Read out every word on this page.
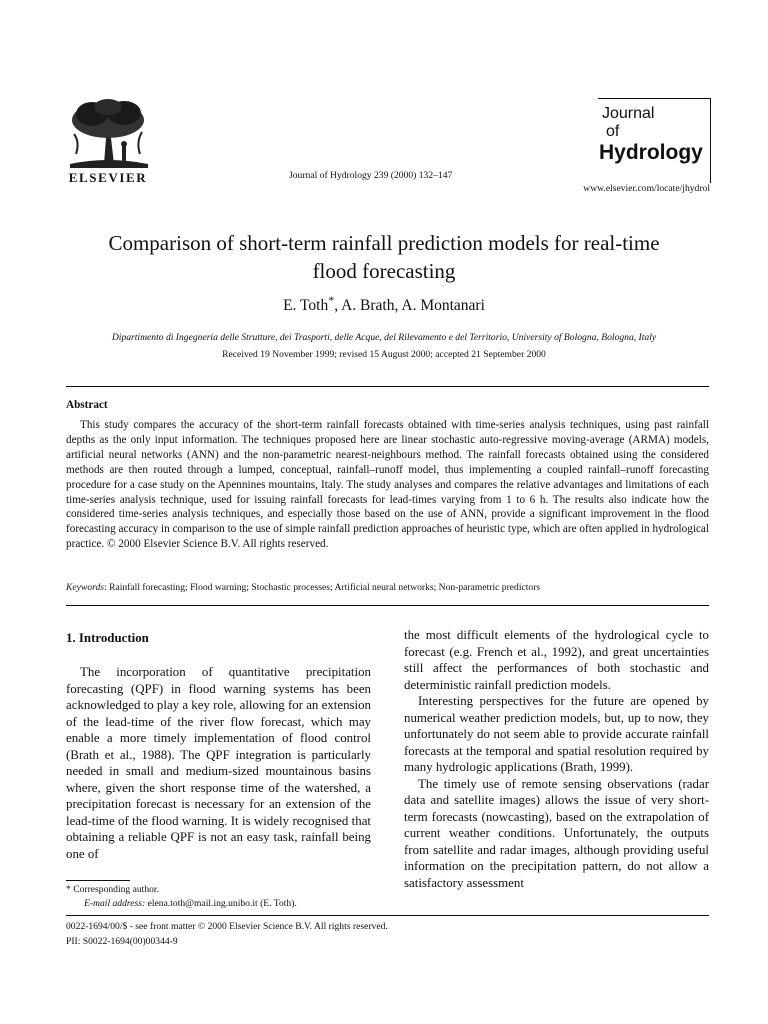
ELSEVIER	Journal of Hydrology 239 (2000) 132–147
Journal
of
Hydrology
www.elsevier.com/locate/jhydrol
Comparison of short-term rainfall prediction models for real-time
flood forecasting
E. Toth*, A. Brath, A. Montanari
Dipartimento di Ingegneria delle Strutture, dei Trasporti, delle Acque, del Rilevamento e del Territorio, University of Bologna, Bologna, Italy
Received 19 November 1999; revised 15 August 2000; accepted 21 September 2000
Abstract

This study compares the accuracy of the short-term rainfall forecasts obtained with time-series analysis techniques, using past rainfall depths as the only input information. The techniques proposed here are linear stochastic auto-regressive moving-average (ARMA) models, artificial neural networks (ANN) and the non-parametric nearest-neighbours method. The rainfall forecasts obtained using the considered methods are then routed through a lumped, conceptual, rainfall–runoff model, thus implementing a coupled rainfall–runoff forecasting procedure for a case study on the Apennines mountains, Italy. The study analyses and compares the relative advantages and limitations of each time-series analysis technique, used for issuing rainfall forecasts for lead-times varying from 1 to 6 h. The results also indicate how the considered time-series analysis techniques, and especially those based on the use of ANN, provide a significant improvement in the flood forecasting accuracy in comparison to the use of simple rainfall prediction approaches of heuristic type, which are often applied in hydrological practice. © 2000 Elsevier Science B.V. All rights reserved.

Keywords: Rainfall forecasting; Flood warning; Stochastic processes; Artificial neural networks; Non-parametric predictors
1. Introduction

The incorporation of quantitative precipitation forecasting (QPF) in flood warning systems has been acknowledged to play a key role, allowing for an extension of the lead-time of the river flow forecast, which may enable a more timely implementation of flood control (Brath et al., 1988). The QPF integration is particularly needed in small and medium-sized mountainous basins where, given the short response time of the watershed, a precipitation forecast is necessary for an extension of the lead-time of the flood warning. It is widely recognised that obtaining a reliable QPF is not an easy task, rainfall being one of

the most difficult elements of the hydrological cycle to forecast (e.g. French et al., 1992), and great uncertainties still affect the performances of both stochastic and deterministic rainfall prediction models.

Interesting perspectives for the future are opened by numerical weather prediction models, but, up to now, they unfortunately do not seem able to provide accurate rainfall forecasts at the temporal and spatial resolution required by many hydrologic applications (Brath, 1999).

The timely use of remote sensing observations (radar data and satellite images) allows the issue of very short-term forecasts (nowcasting), based on the extrapolation of current weather conditions. Unfortunately, the outputs from satellite and radar images, although providing useful information on the precipitation pattern, do not allow a satisfactory assessment

* Corresponding author.
E-mail address: elena.toth@mail.ing.unibo.it (E. Toth).
0022-1694/00/$ - see front matter © 2000 Elsevier Science B.V. All rights reserved.
PII: S0022-1694(00)00344-9
